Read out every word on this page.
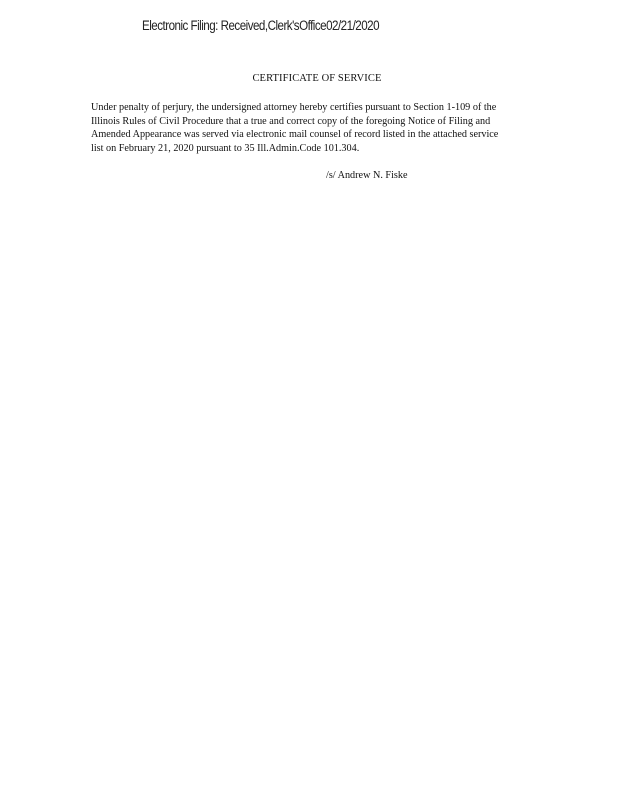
Electronic Filing: Received,Clerk'sOffice02/21/2020
CERTIFICATE OF SERVICE
Under penalty of perjury, the undersigned attorney hereby certifies pursuant to Section 1-109 of the
Illinois Rules of Civil Procedure that a true and correct copy of the foregoing Notice of Filing and
Amended Appearance was served via electronic mail counsel of record listed in the attached service
list on February 21, 2020 pursuant to 35 Ill.Admin.Code 101.304.
/s/ Andrew N. Fiske
